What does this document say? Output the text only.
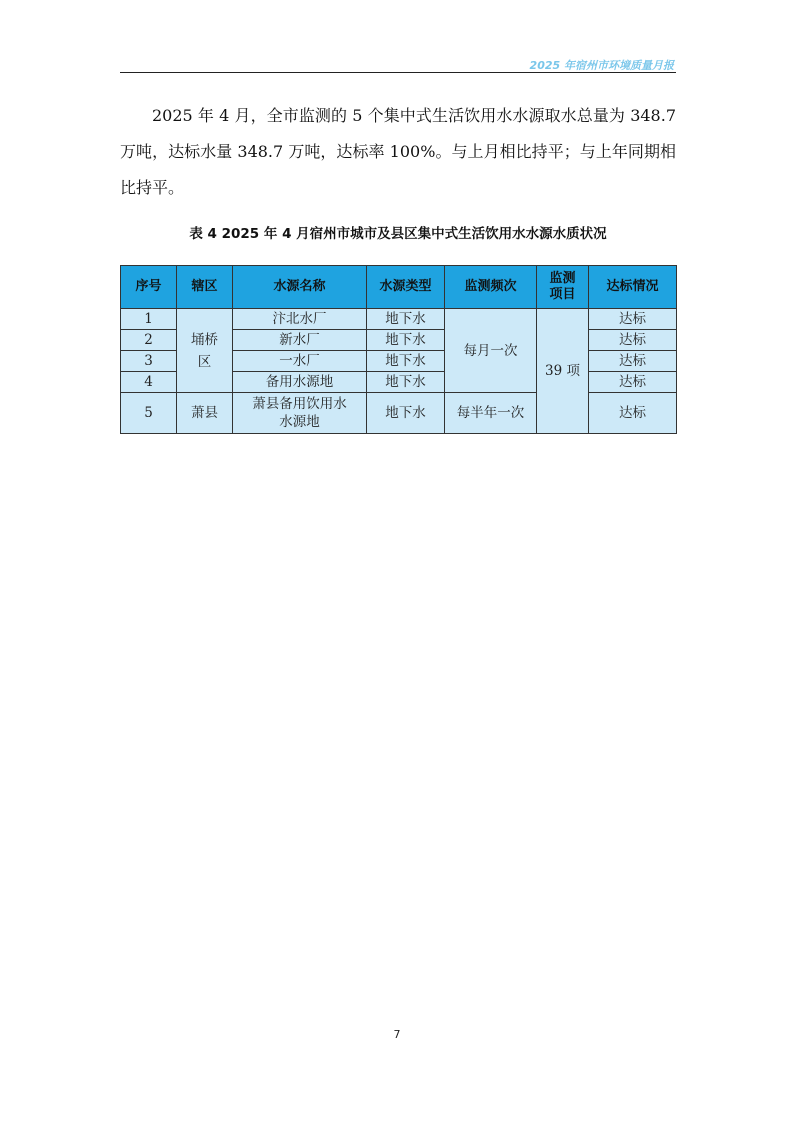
2025 年宿州市环境质量月报

2025 年 4 月，全市监测的 5 个集中式生活饮用水水源取水总量为 348.7 万吨，达标水量 348.7 万吨，达标率 100%。与上月相比持平；与上年同期相比持平。

表 4 2025 年 4 月宿州市城市及县区集中式生活饮用水水源水质状况
序号	辖区	水源名称	水源类型	监测频次	监测项目	达标情况
1	埇桥区	汴北水厂	地下水	每月一次	39 项	达标
2		新水厂	地下水			达标
3		一水厂	地下水			达标
4		备用水源地	地下水			达标
5	萧县	萧县备用饮用水水源地	地下水	每半年一次		达标
7
